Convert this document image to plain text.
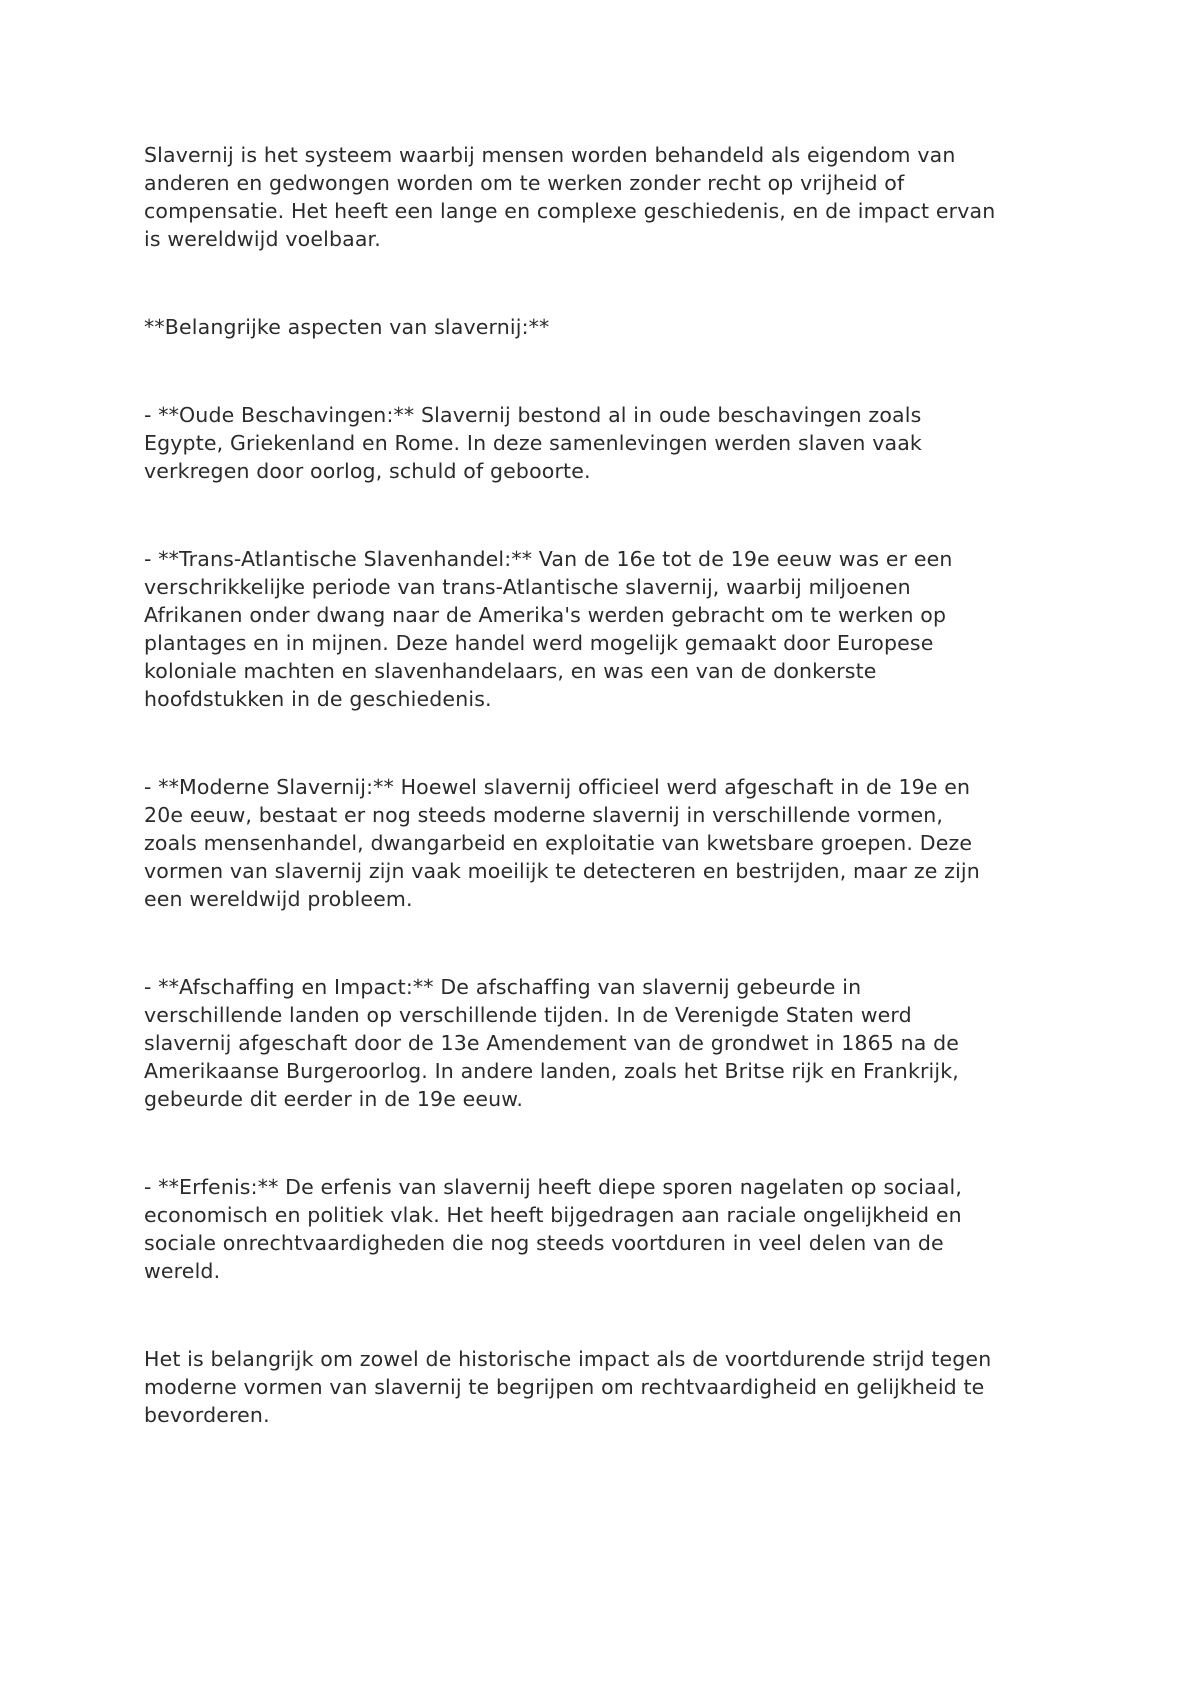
Slavernij is het systeem waarbij mensen worden behandeld als eigendom van
anderen en gedwongen worden om te werken zonder recht op vrijheid of
compensatie. Het heeft een lange en complexe geschiedenis, en de impact ervan
is wereldwijd voelbaar.

**Belangrijke aspecten van slavernij:**

- **Oude Beschavingen:** Slavernij bestond al in oude beschavingen zoals
Egypte, Griekenland en Rome. In deze samenlevingen werden slaven vaak
verkregen door oorlog, schuld of geboorte.

- **Trans-Atlantische Slavenhandel:** Van de 16e tot de 19e eeuw was er een
verschrikkelijke periode van trans-Atlantische slavernij, waarbij miljoenen
Afrikanen onder dwang naar de Amerika's werden gebracht om te werken op
plantages en in mijnen. Deze handel werd mogelijk gemaakt door Europese
koloniale machten en slavenhandelaars, en was een van de donkerste
hoofdstukken in de geschiedenis.

- **Moderne Slavernij:** Hoewel slavernij officieel werd afgeschaft in de 19e en
20e eeuw, bestaat er nog steeds moderne slavernij in verschillende vormen,
zoals mensenhandel, dwangarbeid en exploitatie van kwetsbare groepen. Deze
vormen van slavernij zijn vaak moeilijk te detecteren en bestrijden, maar ze zijn
een wereldwijd probleem.

- **Afschaffing en Impact:** De afschaffing van slavernij gebeurde in
verschillende landen op verschillende tijden. In de Verenigde Staten werd
slavernij afgeschaft door de 13e Amendement van de grondwet in 1865 na de
Amerikaanse Burgeroorlog. In andere landen, zoals het Britse rijk en Frankrijk,
gebeurde dit eerder in de 19e eeuw.

- **Erfenis:** De erfenis van slavernij heeft diepe sporen nagelaten op sociaal,
economisch en politiek vlak. Het heeft bijgedragen aan raciale ongelijkheid en
sociale onrechtvaardigheden die nog steeds voortduren in veel delen van de
wereld.

Het is belangrijk om zowel de historische impact als de voortdurende strijd tegen
moderne vormen van slavernij te begrijpen om rechtvaardigheid en gelijkheid te
bevorderen.
